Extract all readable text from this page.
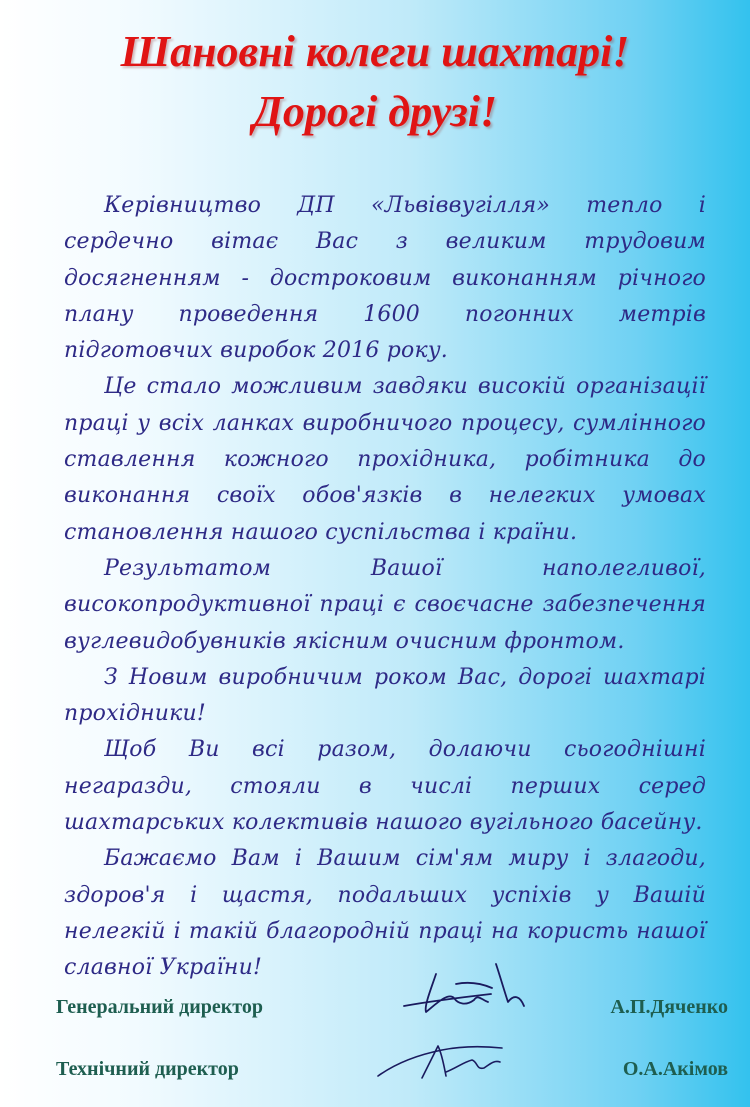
Шановні колеги шахтарі!
Дорогі друзі!

Керівництво ДП «Львіввугілля» тепло і сердечно вітає Вас з великим трудовим досягненням - достроковим виконанням річного плану проведення 1600 погонних метрів підготовчих виробок 2016 року.

Це стало можливим завдяки високій організації праці у всіх ланках виробничого процесу, сумлінного ставлення кожного прохідника, робітника до виконання своїх обов'язків в нелегких умовах становлення нашого суспільства і країни.

Результатом Вашої наполегливої, високопродуктивної праці є своєчасне забезпечення вуглевидобувників якісним очисним фронтом.

З Новим виробничим роком Вас, дорогі шахтарі прохідники!

Щоб Ви всі разом, долаючи сьогоднішні негаразди, стояли в числі перших серед шахтарських колективів нашого вугільного басейну.

Бажаємо Вам і Вашим сім'ям миру і злагоди, здоров'я і щастя, подальших успіхів у Вашій нелегкій і такій благородній праці на користь нашої славної України!

Генеральний директор	А.П.Дяченко
Технічний директор	О.А.Акімов
